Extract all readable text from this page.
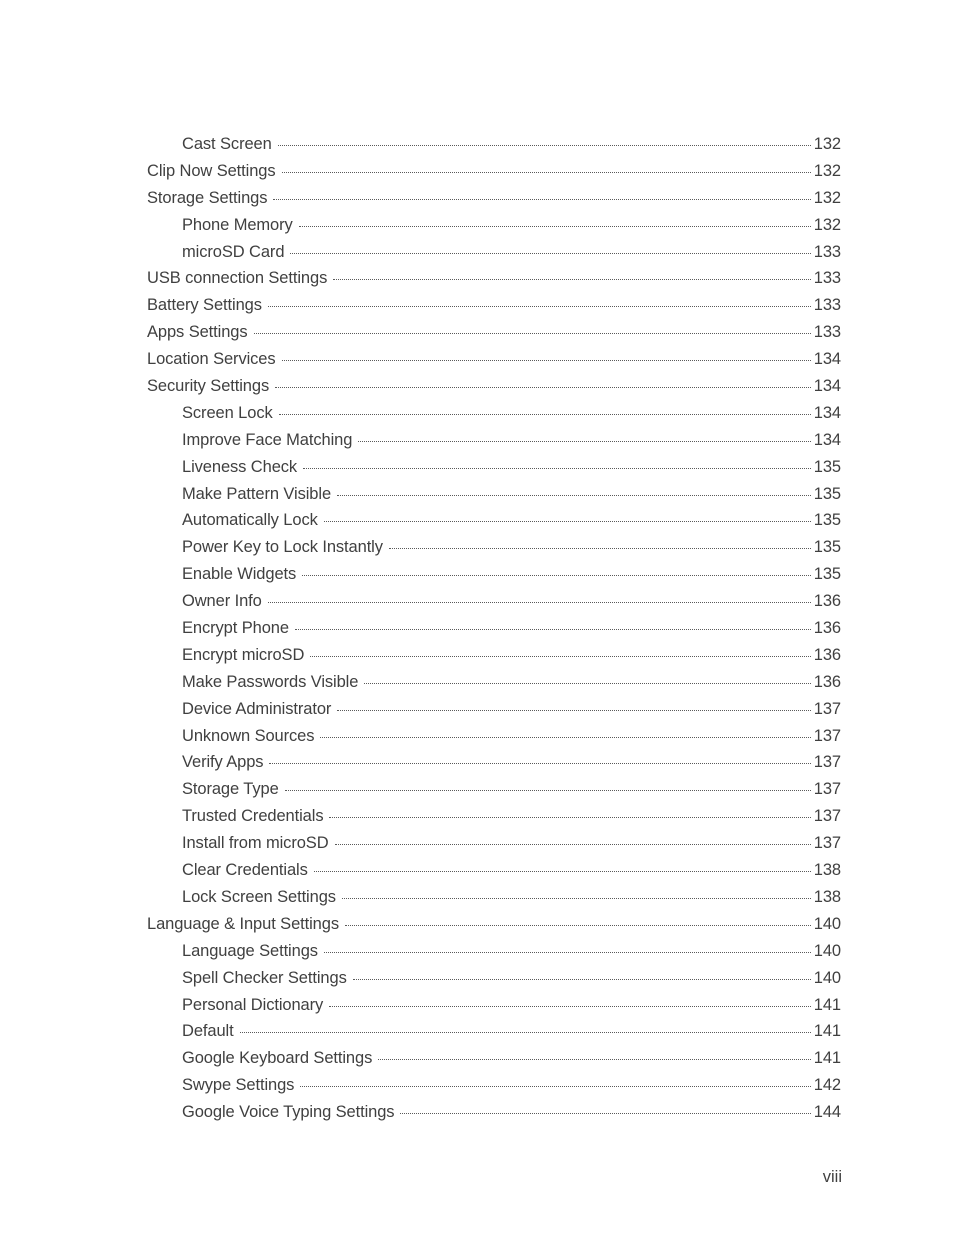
Cast Screen	132
Clip Now Settings	132
Storage Settings	132
Phone Memory	132
microSD Card	133
USB connection Settings	133
Battery Settings	133
Apps Settings	133
Location Services	134
Security Settings	134
Screen Lock	134
Improve Face Matching	134
Liveness Check	135
Make Pattern Visible	135
Automatically Lock	135
Power Key to Lock Instantly	135
Enable Widgets	135
Owner Info	136
Encrypt Phone	136
Encrypt microSD	136
Make Passwords Visible	136
Device Administrator	137
Unknown Sources	137
Verify Apps	137
Storage Type	137
Trusted Credentials	137
Install from microSD	137
Clear Credentials	138
Lock Screen Settings	138
Language & Input Settings	140
Language Settings	140
Spell Checker Settings	140
Personal Dictionary	141
Default	141
Google Keyboard Settings	141
Swype Settings	142
Google Voice Typing Settings	144
viii
